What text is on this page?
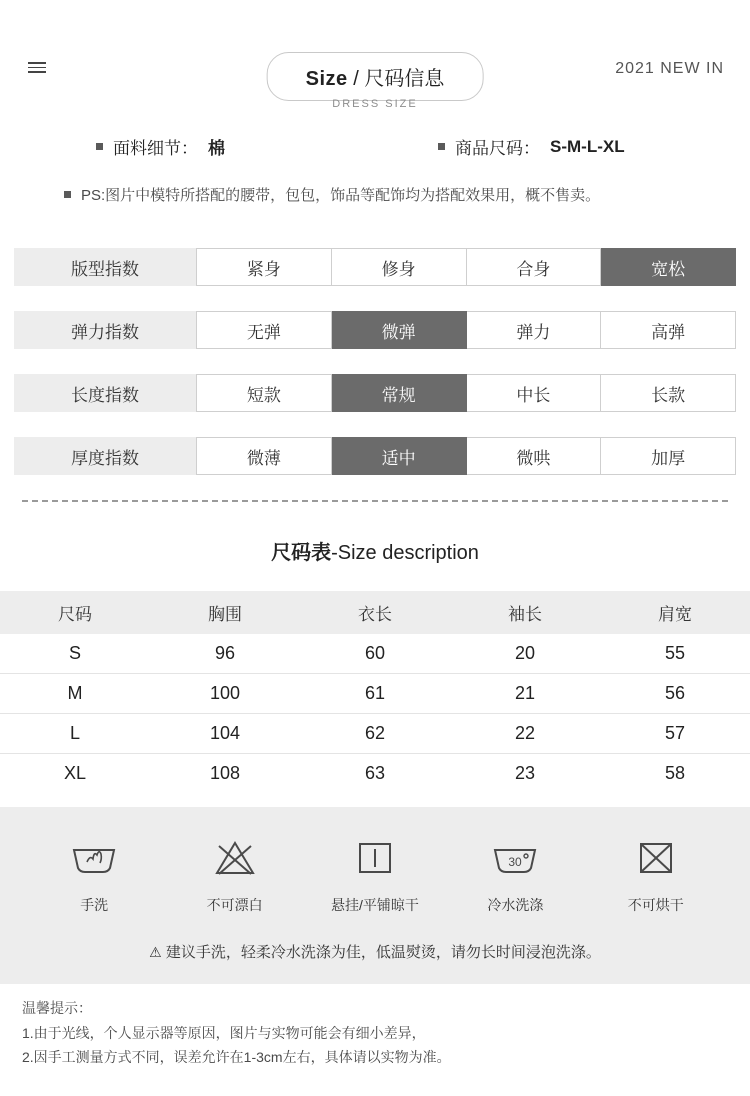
Size / 尺码信息
DRESS SIZE
2021 NEW IN
面料细节： 棉	商品尺码： S-M-L-XL
PS:图片中模特所搭配的腰带，包包，饰品等配饰均为搭配效果用，概不售卖。
版型指数	紧身	修身	合身	宽松
弹力指数	无弹	微弹	弹力	高弹
长度指数	短款	常规	中长	长款
厚度指数	微薄	适中	微哄	加厚
尺码表-Size description
尺码	胸围	衣长	袖长	肩宽
S	96	60	20	55
M	100	61	21	56
L	104	62	22	57
XL	108	63	23	58
手洗	不可漂白	悬挂/平铺晾干
30
冷水洗涤	不可烘干
⚠ 建议手洗，轻柔冷水洗涤为佳，低温熨烫，请勿长时间浸泡洗涤。
温馨提示：
1.由于光线，个人显示器等原因，图片与实物可能会有细小差异，
2.因手工测量方式不同，误差允许在1-3cm左右，具体请以实物为准。
